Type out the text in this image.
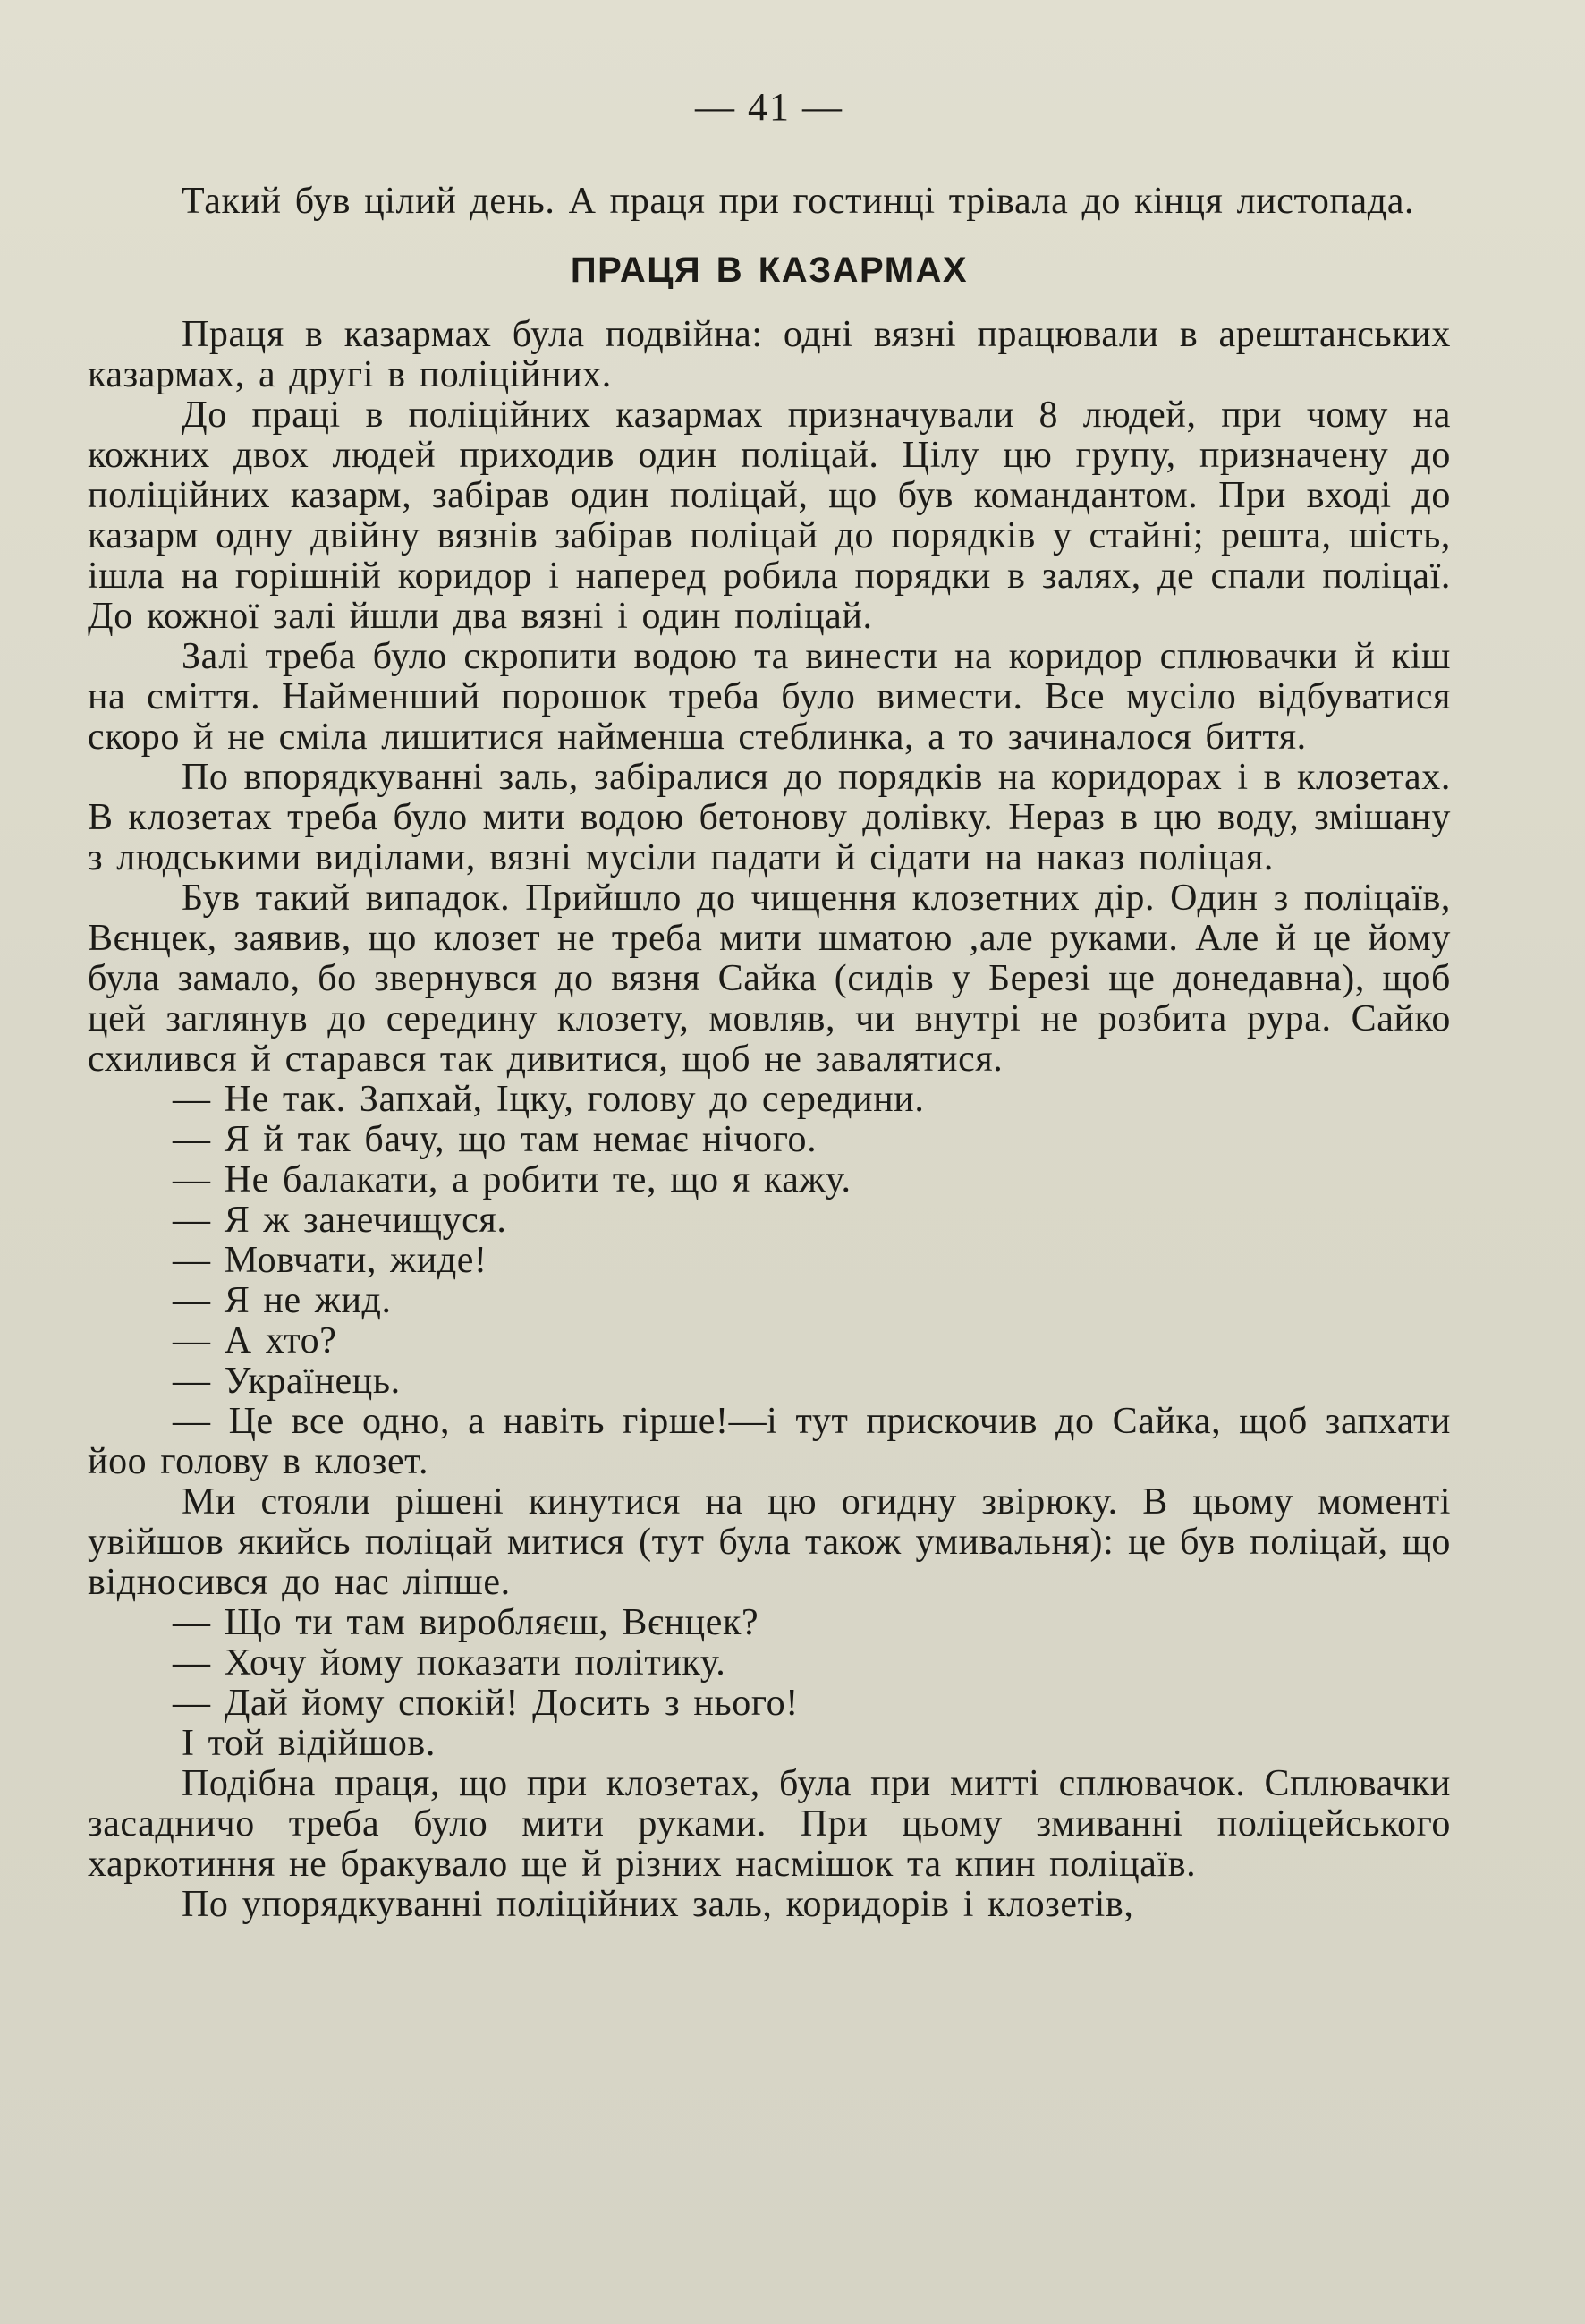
— 41 —

Такий був цілий день. А праця при гостинці трівала до кінця листопада.

ПРАЦЯ В КАЗАРМАХ

Праця в казармах була подвійна: одні вязні працювали в арештанських казармах, а другі в поліційних.

До праці в поліційних казармах призначували 8 людей, при чому на кожних двох людей приходив один поліцай. Цілу цю групу, призначену до поліційних казарм, забірав один поліцай, що був командантом. При вході до казарм одну двійну вязнів забірав поліцай до порядків у стайні; решта, шість, ішла на горішній коридор і наперед робила порядки в залях, де спали поліцаї. До кожної залі йшли два вязні і один поліцай.

Залі треба було скропити водою та винести на коридор сплювачки й кіш на сміття. Найменший порошок треба було вимести. Все мусіло відбуватися скоро й не сміла лишитися найменша стеблинка, а то зачиналося биття.

По впорядкуванні заль, забіралися до порядків на коридорах і в клозетах. В клозетах треба було мити водою бетонову долівку. Нераз в цю воду, змішану з людськими виділами, вязні мусіли падати й сідати на наказ поліцая.

Був такий випадок. Прийшло до чищення клозетних дір. Один з поліцаїв, Вєнцек, заявив, що клозет не треба мити шматою ,але руками. Але й це йому була замало, бо звернувся до вязня Сайка (сидів у Березі ще донедавна), щоб цей заглянув до середину клозету, мовляв, чи внутрі не розбита рура. Сайко схилився й старався так дивитися, щоб не завалятися.

— Не так. Запхай, Іцку, голову до середини.

— Я й так бачу, що там немає нічого.

— Не балакати, а робити те, що я кажу.

— Я ж занечищуся.

— Мовчати, жиде!

— Я не жид.

— А хто?

— Українець.

— Це все одно, а навіть гірше!—і тут прискочив до Сайка, щоб запхати йоо голову в клозет.

Ми стояли рішені кинутися на цю огидну звірюку. В цьому моменті увійшов якийсь поліцай митися (тут була також умивальня): це був поліцай, що відносився до нас ліпше.

— Що ти там виробляєш, Вєнцек?

— Хочу йому показати політику.

— Дай йому спокій! Досить з нього!

І той відійшов.

Подібна праця, що при клозетах, була при митті сплювачок. Сплювачки засадничо треба було мити руками. При цьому змиванні поліцейського харкотиння не бракувало ще й різних насмішок та кпин поліцаїв.

По упорядкуванні поліційних заль, коридорів і клозетів,
